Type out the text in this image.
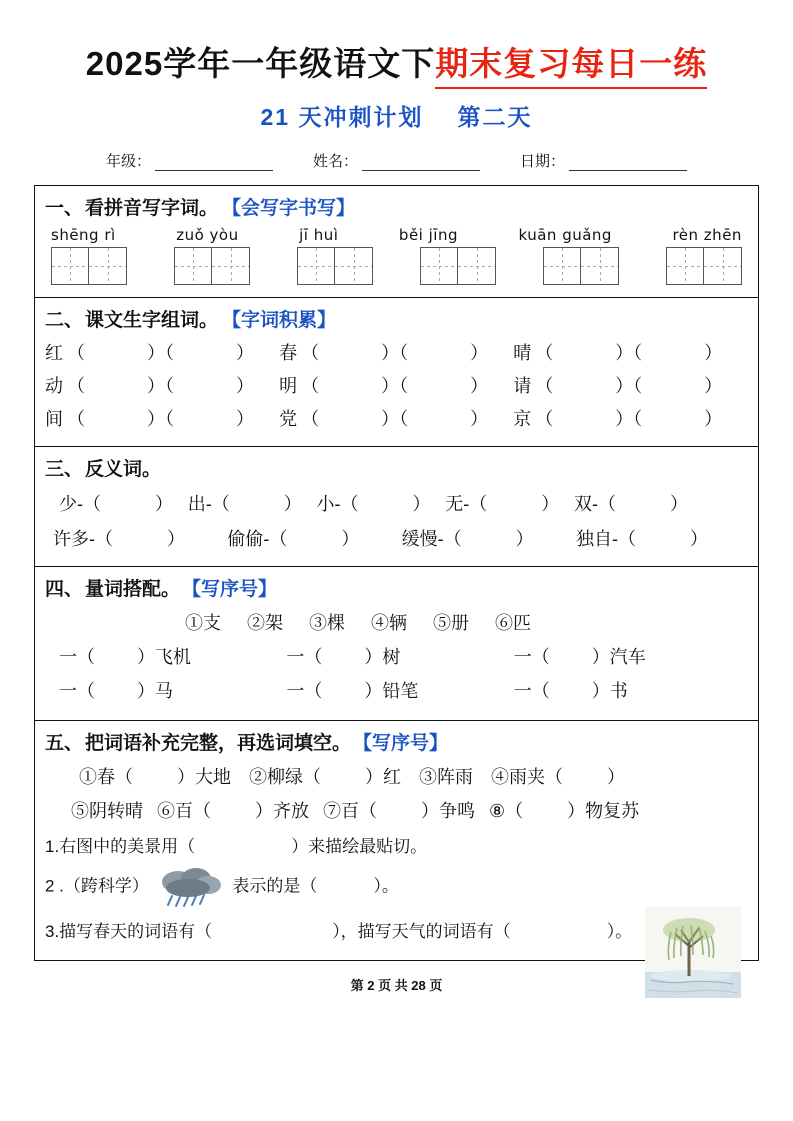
2025学年一年级语文下 期末复习每日一练
21 天冲刺计划 第二天
年级：	姓名：	日期：
一、 看拼音写字词。 【会写字书写】
shēng rì	zuǒ yòu	jī huì	běi jīng	kuān guǎng	rèn zhēn
二、 课文生字组词。 【字词积累】
红 （	）（	）	春 （	）（	）	晴 （	）（	）
动 （	）（	）	明 （	）（	）	请 （	）（	）
间 （	）（	）	党 （	）（	）	京 （	）（	）
三、 反义词。
少-（	） 出-（	） 小-（	） 无-（	） 双-（	）
许多-（	） 偷偷-（	） 缓慢-（	） 独自-（	）
四、 量词搭配。 【写序号】
①支 ②架 ③棵 ④辆 ⑤册 ⑥匹
一（ ）飞机	一（ ）树	一（ ）汽车
一（ ）马	一（ ）铅笔	一（ ）书
五、 把词语补充完整，再选词填空。 【写序号】
①春（ ）大地 ②柳绿（ ）红 ③阵雨 ④雨夹（ ）
⑤阴转晴 ⑥百（ ）齐放 ⑦百（ ）争鸣 ⑧（ ）物复苏
1.右图中的美景用（	）来描绘最贴切。
2 .（跨科学）	表示的是（	）。
3.描写春天的词语有（	），描写天气的词语有（	）。
第 2 页 共 28 页
